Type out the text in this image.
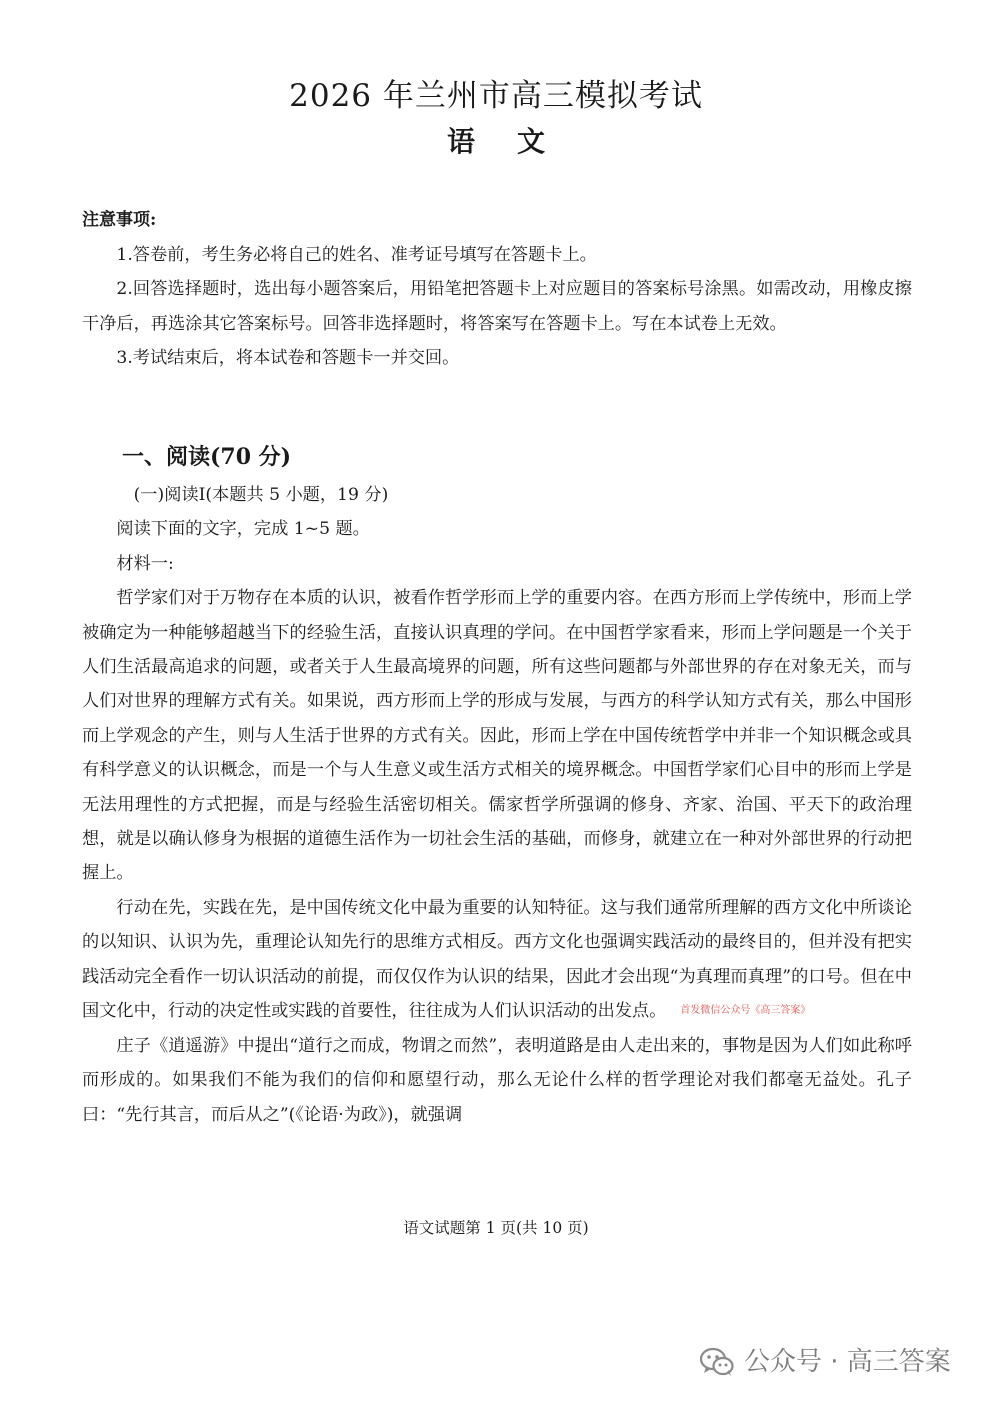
2026 年兰州市高三模拟考试
语 文
注意事项:

1.答卷前，考生务必将自己的姓名、准考证号填写在答题卡上。

2.回答选择题时，选出每小题答案后，用铅笔把答题卡上对应题目的答案标号涂黑。如需改动，用橡皮擦干净后，再选涂其它答案标号。回答非选择题时，将答案写在答题卡上。写在本试卷上无效。

3.考试结束后，将本试卷和答题卡一并交回。

一、阅读(70 分)

(一)阅读Ⅰ(本题共 5 小题，19 分)

阅读下面的文字，完成 1~5 题。

材料一:

哲学家们对于万物存在本质的认识，被看作哲学形而上学的重要内容。在西方形而上学传统中，形而上学被确定为一种能够超越当下的经验生活，直接认识真理的学问。在中国哲学家看来，形而上学问题是一个关于人们生活最高追求的问题，或者关于人生最高境界的问题，所有这些问题都与外部世界的存在对象无关，而与人们对世界的理解方式有关。如果说，西方形而上学的形成与发展，与西方的科学认知方式有关，那么中国形而上学观念的产生，则与人生活于世界的方式有关。因此，形而上学在中国传统哲学中并非一个知识概念或具有科学意义的认识概念，而是一个与人生意义或生活方式相关的境界概念。中国哲学家们心目中的形而上学是无法用理性的方式把握，而是与经验生活密切相关。儒家哲学所强调的修身、齐家、治国、平天下的政治理想，就是以确认修身为根据的道德生活作为一切社会生活的基础，而修身，就建立在一种对外部世界的行动把握上。

行动在先，实践在先，是中国传统文化中最为重要的认知特征。这与我们通常所理解的西方文化中所谈论的以知识、认识为先，重理论认知先行的思维方式相反。西方文化也强调实践活动的最终目的，但并没有把实践活动完全看作一切认识活动的前提，而仅仅作为认识的结果，因此才会出现“为真理而真理”的口号。但在中国文化中，行动的决定性或实践的首要性，往往成为人们认识活动的出发点。 首发微信公众号《高三答案》

庄子《逍遥游》中提出“道行之而成，物谓之而然”，表明道路是由人走出来的，事物是因为人们如此称呼而形成的。如果我们不能为我们的信仰和愿望行动，那么无论什么样的哲学理论对我们都毫无益处。孔子曰：“先行其言，而后从之”(《论语·为政》)，就强调

语文试题第 1 页(共 10 页)
公众号 · 高三答案
